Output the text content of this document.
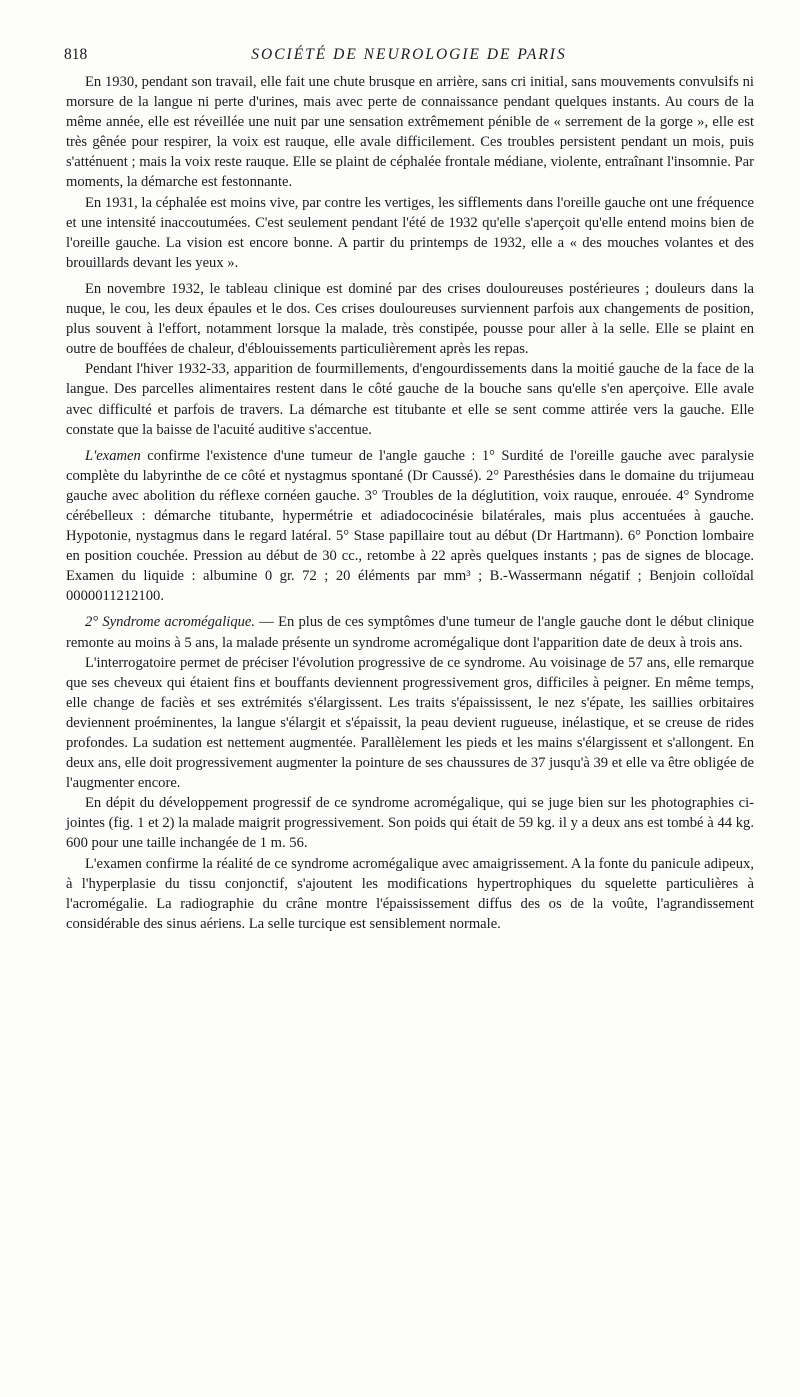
818	SOCIÉTÉ DE NEUROLOGIE DE PARIS

En 1930, pendant son travail, elle fait une chute brusque en arrière, sans cri initial, sans mouvements convulsifs ni morsure de la langue ni perte d'urines, mais avec perte de connaissance pendant quelques instants. Au cours de la même année, elle est réveillée une nuit par une sensation extrêmement pénible de « serrement de la gorge », elle est très gênée pour respirer, la voix est rauque, elle avale difficilement. Ces troubles persistent pendant un mois, puis s'atténuent ; mais la voix reste rauque. Elle se plaint de céphalée frontale médiane, violente, entraînant l'insomnie. Par moments, la démarche est festonnante.

En 1931, la céphalée est moins vive, par contre les vertiges, les sifflements dans l'oreille gauche ont une fréquence et une intensité inaccoutumées. C'est seulement pendant l'été de 1932 qu'elle s'aperçoit qu'elle entend moins bien de l'oreille gauche. La vision est encore bonne. A partir du printemps de 1932, elle a « des mouches volantes et des brouillards devant les yeux ».

En novembre 1932, le tableau clinique est dominé par des crises douloureuses postérieures ; douleurs dans la nuque, le cou, les deux épaules et le dos. Ces crises douloureuses surviennent parfois aux changements de position, plus souvent à l'effort, notamment lorsque la malade, très constipée, pousse pour aller à la selle. Elle se plaint en outre de bouffées de chaleur, d'éblouissements particulièrement après les repas.

Pendant l'hiver 1932-33, apparition de fourmillements, d'engourdissements dans la moitié gauche de la face de la langue. Des parcelles alimentaires restent dans le côté gauche de la bouche sans qu'elle s'en aperçoive. Elle avale avec difficulté et parfois de travers. La démarche est titubante et elle se sent comme attirée vers la gauche. Elle constate que la baisse de l'acuité auditive s'accentue.

L'examen confirme l'existence d'une tumeur de l'angle gauche : 1° Surdité de l'oreille gauche avec paralysie complète du labyrinthe de ce côté et nystagmus spontané (Dr Caussé). 2° Paresthésies dans le domaine du trijumeau gauche avec abolition du réflexe cornéen gauche. 3° Troubles de la déglutition, voix rauque, enrouée. 4° Syndrome cérébelleux : démarche titubante, hypermétrie et adiadococinésie bilatérales, mais plus accentuées à gauche. Hypotonie, nystagmus dans le regard latéral. 5° Stase papillaire tout au début (Dr Hartmann). 6° Ponction lombaire en position couchée. Pression au début de 30 cc., retombe à 22 après quelques instants ; pas de signes de blocage. Examen du liquide : albumine 0 gr. 72 ; 20 éléments par mm³ ; B.-Wassermann négatif ; Benjoin colloïdal 0000011212100.

2° Syndrome acromégalique. — En plus de ces symptômes d'une tumeur de l'angle gauche dont le début clinique remonte au moins à 5 ans, la malade présente un syndrome acromégalique dont l'apparition date de deux à trois ans.

L'interrogatoire permet de préciser l'évolution progressive de ce syndrome. Au voisinage de 57 ans, elle remarque que ses cheveux qui étaient fins et bouffants deviennent progressivement gros, difficiles à peigner. En même temps, elle change de faciès et ses extrémités s'élargissent. Les traits s'épaississent, le nez s'épate, les saillies orbitaires deviennent proéminentes, la langue s'élargit et s'épaissit, la peau devient rugueuse, inélastique, et se creuse de rides profondes. La sudation est nettement augmentée. Parallèlement les pieds et les mains s'élargissent et s'allongent. En deux ans, elle doit progressivement augmenter la pointure de ses chaussures de 37 jusqu'à 39 et elle va être obligée de l'augmenter encore.

En dépit du développement progressif de ce syndrome acromégalique, qui se juge bien sur les photographies ci-jointes (fig. 1 et 2) la malade maigrit progressivement. Son poids qui était de 59 kg. il y a deux ans est tombé à 44 kg. 600 pour une taille inchangée de 1 m. 56.

L'examen confirme la réalité de ce syndrome acromégalique avec amaigrissement. A la fonte du panicule adipeux, à l'hyperplasie du tissu conjonctif, s'ajoutent les modifications hypertrophiques du squelette particulières à l'acromégalie. La radiographie du crâne montre l'épaississement diffus des os de la voûte, l'agrandissement considérable des sinus aériens. La selle turcique est sensiblement normale.
